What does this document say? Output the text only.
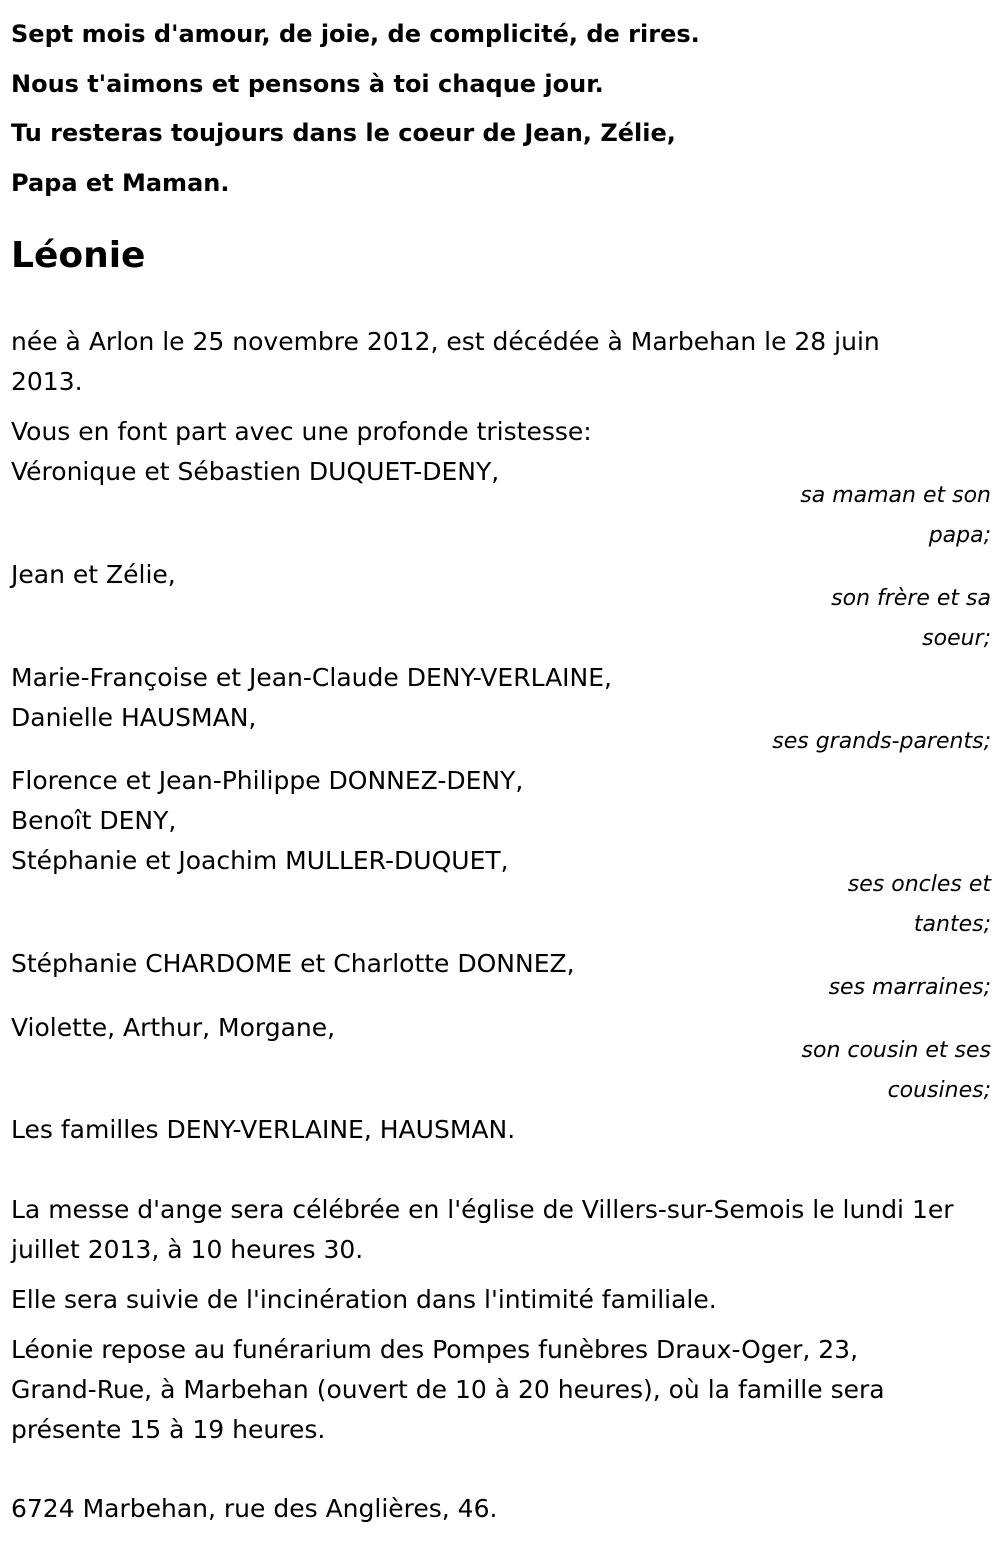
Sept mois d'amour, de joie, de complicité, de rires.
Nous t'aimons et pensons à toi chaque jour.
Tu resteras toujours dans le coeur de Jean, Zélie,
Papa et Maman.
Léonie
née à Arlon le 25 novembre 2012, est décédée à Marbehan le 28 juin 2013.
Vous en font part avec une profonde tristesse:
Véronique et Sébastien DUQUET-DENY,
sa maman et son papa;
Jean et Zélie,
son frère et sa soeur;
Marie-Françoise et Jean-Claude DENY-VERLAINE,
Danielle HAUSMAN,
ses grands-parents;
Florence et Jean-Philippe DONNEZ-DENY,
Benoît DENY,
Stéphanie et Joachim MULLER-DUQUET,
ses oncles et tantes;
Stéphanie CHARDOME et Charlotte DONNEZ,
ses marraines;
Violette, Arthur, Morgane,
son cousin et ses cousines;
Les familles DENY-VERLAINE, HAUSMAN.
La messe d'ange sera célébrée en l'église de Villers-sur-Semois le lundi 1er juillet 2013, à 10 heures 30.
Elle sera suivie de l'incinération dans l'intimité familiale.
Léonie repose au funérarium des Pompes funèbres Draux-Oger, 23, Grand-Rue, à Marbehan (ouvert de 10 à 20 heures), où la famille sera présente 15 à 19 heures.
6724 Marbehan, rue des Anglières, 46.
